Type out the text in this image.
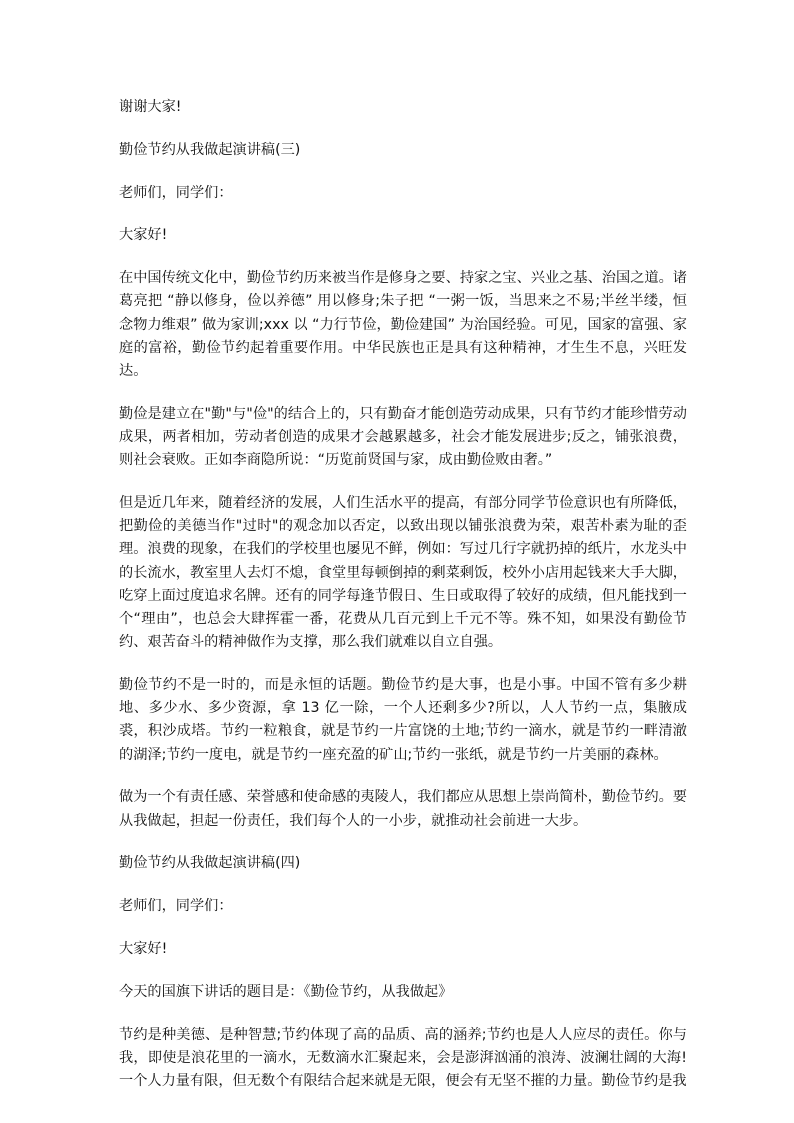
谢谢大家!

勤俭节约从我做起演讲稿(三)

老师们，同学们：

大家好!

在中国传统文化中，勤俭节约历来被当作是修身之要、持家之宝、兴业之基、治国之道。诸葛亮把 “静以修身，俭以养德” 用以修身;朱子把 “一粥一饭，当思来之不易;半丝半缕，恒念物力维艰” 做为家训;xxx 以 “力行节俭，勤俭建国” 为治国经验。可见，国家的富强、家庭的富裕，勤俭节约起着重要作用。中华民族也正是具有这种精神，才生生不息，兴旺发达。

勤俭是建立在"勤"与"俭"的结合上的，只有勤奋才能创造劳动成果，只有节约才能珍惜劳动成果，两者相加，劳动者创造的成果才会越累越多，社会才能发展进步;反之，铺张浪费，则社会衰败。正如李商隐所说：“历览前贤国与家，成由勤俭败由奢。”

但是近几年来，随着经济的发展，人们生活水平的提高，有部分同学节俭意识也有所降低，把勤俭的美德当作"过时"的观念加以否定，以致出现以铺张浪费为荣，艰苦朴素为耻的歪理。浪费的现象，在我们的学校里也屡见不鲜，例如：写过几行字就扔掉的纸片，水龙头中的长流水，教室里人去灯不熄，食堂里每顿倒掉的剩菜剩饭，校外小店用起钱来大手大脚，吃穿上面过度追求名牌。还有的同学每逢节假日、生日或取得了较好的成绩，但凡能找到一个“理由”，也总会大肆挥霍一番，花费从几百元到上千元不等。殊不知，如果没有勤俭节约、艰苦奋斗的精神做作为支撑，那么我们就难以自立自强。

勤俭节约不是一时的，而是永恒的话题。勤俭节约是大事，也是小事。中国不管有多少耕地、多少水、多少资源，拿 13 亿一除，一个人还剩多少?所以，人人节约一点，集腋成裘，积沙成塔。节约一粒粮食，就是节约一片富饶的土地;节约一滴水，就是节约一畔清澈的湖泽;节约一度电，就是节约一座充盈的矿山;节约一张纸，就是节约一片美丽的森林。

做为一个有责任感、荣誉感和使命感的夷陵人，我们都应从思想上崇尚简朴，勤俭节约。要从我做起，担起一份责任，我们每个人的一小步，就推动社会前进一大步。

勤俭节约从我做起演讲稿(四)

老师们，同学们：

大家好!

今天的国旗下讲话的题目是：《勤俭节约，从我做起》

节约是种美德、是种智慧;节约体现了高的品质、高的涵养;节约也是人人应尽的责任。你与我，即使是浪花里的一滴水，无数滴水汇聚起来，会是澎湃汹涌的浪涛、波澜壮阔的大海!一个人力量有限，但无数个有限结合起来就是无限，便会有无坚不摧的力量。勤俭节约是我
